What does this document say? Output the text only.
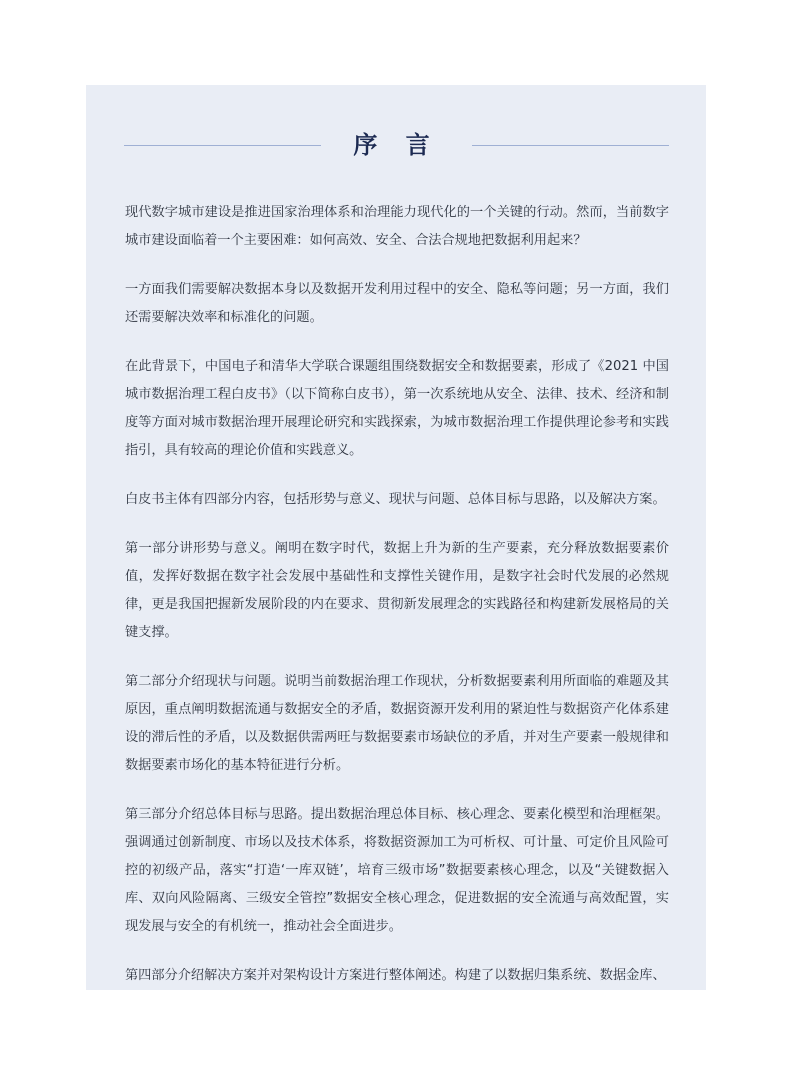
序 言

现代数字城市建设是推进国家治理体系和治理能力现代化的一个关键的行动。然而，当前数字城市建设面临着一个主要困难：如何高效、安全、合法合规地把数据利用起来？

一方面我们需要解决数据本身以及数据开发利用过程中的安全、隐私等问题；另一方面，我们还需要解决效率和标准化的问题。

在此背景下，中国电子和清华大学联合课题组围绕数据安全和数据要素，形成了《2021 中国城市数据治理工程白皮书》（以下简称白皮书），第一次系统地从安全、法律、技术、经济和制度等方面对城市数据治理开展理论研究和实践探索，为城市数据治理工作提供理论参考和实践指引，具有较高的理论价值和实践意义。

白皮书主体有四部分内容，包括形势与意义、现状与问题、总体目标与思路，以及解决方案。

第一部分讲形势与意义。阐明在数字时代，数据上升为新的生产要素，充分释放数据要素价值，发挥好数据在数字社会发展中基础性和支撑性关键作用，是数字社会时代发展的必然规律，更是我国把握新发展阶段的内在要求、贯彻新发展理念的实践路径和构建新发展格局的关键支撑。

第二部分介绍现状与问题。说明当前数据治理工作现状，分析数据要素利用所面临的难题及其原因，重点阐明数据流通与数据安全的矛盾，数据资源开发利用的紧迫性与数据资产化体系建设的滞后性的矛盾，以及数据供需两旺与数据要素市场缺位的矛盾，并对生产要素一般规律和数据要素市场化的基本特征进行分析。

第三部分介绍总体目标与思路。提出数据治理总体目标、核心理念、要素化模型和治理框架。强调通过创新制度、市场以及技术体系，将数据资源加工为可析权、可计量、可定价且风险可控的初级产品，落实“打造‘一库双链’，培育三级市场”数据要素核心理念，以及“关键数据入库、双向风险隔离、三级安全管控”数据安全核心理念，促进数据的安全流通与高效配置，实现发展与安全的有机统一，推动社会全面进步。

第四部分介绍解决方案并对架构设计方案进行整体阐述。构建了以数据归集系统、数据金库、
